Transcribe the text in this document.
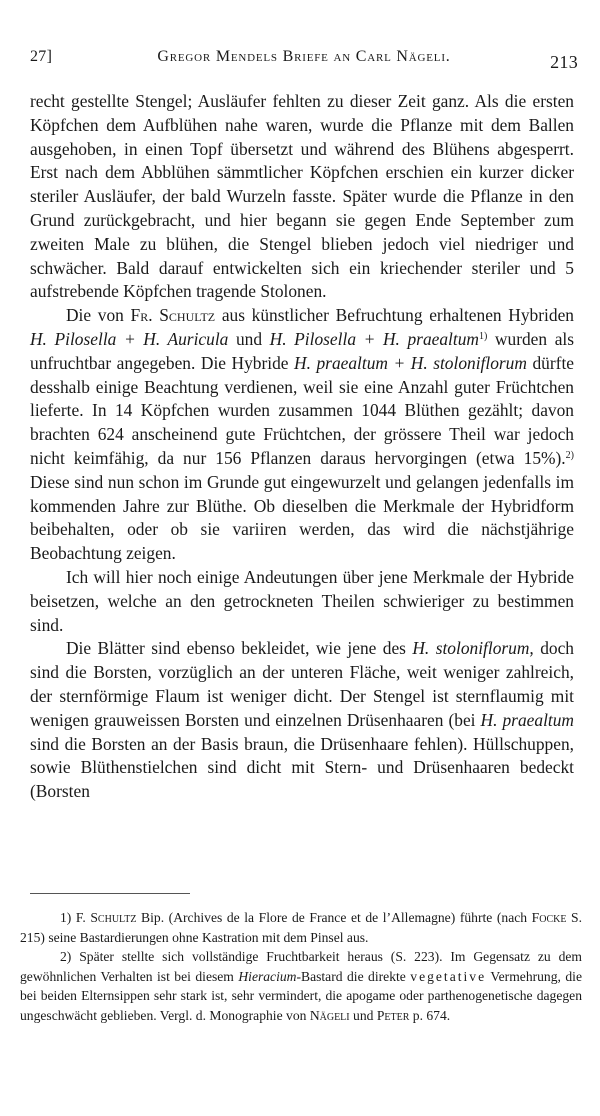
27]	Gregor Mendels Briefe an Carl Nägeli.	213

recht gestellte Stengel; Ausläufer fehlten zu dieser Zeit ganz. Als die ersten Köpfchen dem Aufblühen nahe waren, wurde die Pflanze mit dem Ballen ausgehoben, in einen Topf übersetzt und während des Blühens abgesperrt. Erst nach dem Abblühen sämmtlicher Köpfchen erschien ein kurzer dicker steriler Ausläufer, der bald Wurzeln fasste. Später wurde die Pflanze in den Grund zurückgebracht, und hier begann sie gegen Ende September zum zweiten Male zu blühen, die Stengel blieben jedoch viel niedriger und schwächer. Bald darauf entwickelten sich ein kriechender steriler und 5 aufstrebende Köpfchen tragende Stolonen.

Die von Fr. Schultz aus künstlicher Befruchtung erhaltenen Hybriden H. Pilosella + H. Auricula und H. Pilosella + H. praealtum$^{1)}$ wurden als unfruchtbar angegeben. Die Hybride H. praealtum + H. stoloniflorum dürfte desshalb einige Beachtung verdienen, weil sie eine Anzahl guter Früchtchen lieferte. In 14 Köpfchen wurden zusammen 1044 Blüthen gezählt; davon brachten 624 anscheinend gute Früchtchen, der grössere Theil war jedoch nicht keimfähig, da nur 156 Pflanzen daraus hervorgingen (etwa 15%).$^{2)}$ Diese sind nun schon im Grunde gut eingewurzelt und gelangen jedenfalls im kommenden Jahre zur Blüthe. Ob dieselben die Merkmale der Hybridform beibehalten, oder ob sie variiren werden, das wird die nächstjährige Beobachtung zeigen.

Ich will hier noch einige Andeutungen über jene Merkmale der Hybride beisetzen, welche an den getrockneten Theilen schwieriger zu bestimmen sind.

Die Blätter sind ebenso bekleidet, wie jene des H. stoloniflorum, doch sind die Borsten, vorzüglich an der unteren Fläche, weit weniger zahlreich, der sternförmige Flaum ist weniger dicht. Der Stengel ist sternflaumig mit wenigen grauweissen Borsten und einzelnen Drüsenhaaren (bei H. praealtum sind die Borsten an der Basis braun, die Drüsenhaare fehlen). Hüllschuppen, sowie Blüthenstielchen sind dicht mit Stern- und Drüsenhaaren bedeckt (Borsten

1) F. Schultz Bip. (Archives de la Flore de France et de l’Allemagne) führte (nach Focke S. 215) seine Bastardierungen ohne Kastration mit dem Pinsel aus.

2) Später stellte sich vollständige Fruchtbarkeit heraus (S. 223). Im Gegensatz zu dem gewöhnlichen Verhalten ist bei diesem Hieracium-Bastard die direkte vegetative Vermehrung, die bei beiden Elternsippen sehr stark ist, sehr vermindert, die apogame oder parthenogenetische dagegen ungeschwächt geblieben. Vergl. d. Monographie von Nägeli und Peter p. 674.
